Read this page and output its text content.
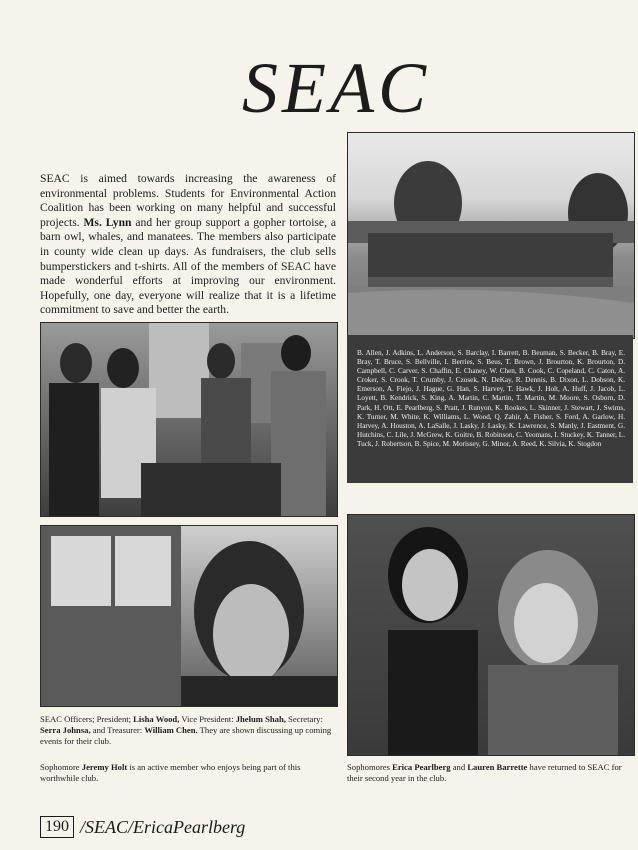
SEAC

SEAC is aimed towards increasing the awareness of environmental problems. Students for Environmental Action Coalition has been working on many helpful and successful projects. Ms. Lynn and her group support a gopher tortoise, a barn owl, whales, and manatees. The members also participate in county wide clean up days. As fundraisers, the club sells bumperstickers and t-shirts. All of the members of SEAC have made wonderful efforts at improving our environment. Hopefully, one day, everyone will realize that it is a lifetime commitment to save and better the earth.

B. Allen, J. Adkins, L. Anderson, S. Barclay, I. Barrett, B. Beuman, S. Becker, B. Bray, E. Bray, T. Bruce, S. Bellville, I. Berries, S. Beus, T. Brown, J. Brourton, K. Brourton, D. Campbell, C. Carver, S. Chaffin, E. Chaney, W. Chen, B. Cook, C. Copeland, C. Caton, A. Croker, S. Crook, T. Crumby, J. Czosek, N. DeKay, R. Dennis, B. Dixon, L. Dobson, K. Emerson, A. Fiejo, J. Hague, G. Han, S. Harvey, T. Hawk, J. Holt, A. Huff, J. Jacob, L. Loyett, B. Kendrick, S. King, A. Martin, C. Martin, T. Martin, M. Moore, S. Osborn, D. Park, H. Ott, E. Pearlberg, S. Pratt, J. Runyon, K. Rookes, L. Skinner, J. Stewart, J. Swims, K. Turner, M. White, K. Williams, L. Wood, Q. Zahir, A. Fisher, S. Ford, A. Garlow, H. Harvey, A. Houston, A. LaSalle, J. Lasky, J. Lasky, K. Lawrence, S. Manly, J. Eastment, G. Hutchins, C. Lile, J. McGrew, K. Goitre, B. Robinson, C. Yeomans, I. Stuckey, K. Tanner, L. Tuck, J. Robertson, B. Spice, M. Morissey, G. Minor, A. Reed, K. Silvia, K. Stogdon

SEAC Officers; President; Lisha Wood, Vice President: Jhelum Shah, Secretary: Serra Johnsa, and Treasurer: William Chen. They are shown discussing up coming events for their club.

Sophomore Jeremy Holt is an active member who enjoys being part of this worthwhile club.

Sophomores Erica Pearlberg and Lauren Barrette have returned to SEAC for their second year in the club.

190 /SEAC/EricaPearlberg
